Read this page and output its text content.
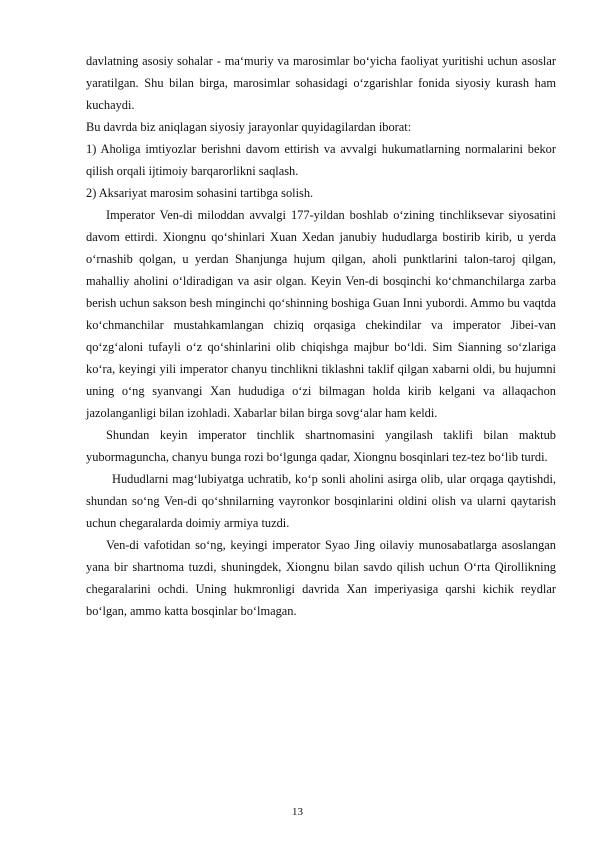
davlatning asosiy sohalar - maʻmuriy va marosimlar boʻyicha faoliyat yuritishi uchun asoslar yaratilgan. Shu bilan birga, marosimlar sohasidagi oʻzgarishlar fonida siyosiy kurash ham kuchaydi.

Bu davrda biz aniqlagan siyosiy jarayonlar quyidagilardan iborat:

1) Aholiga imtiyozlar berishni davom ettirish va avvalgi hukumatlarning normalarini bekor qilish orqali ijtimoiy barqarorlikni saqlash.

2) Aksariyat marosim sohasini tartibga solish.

Imperator Ven-di miloddan avvalgi 177-yildan boshlab oʻzining tinchliksevar siyosatini davom ettirdi. Xiongnu qoʻshinlari Xuan Xedan janubiy hududlarga bostirib kirib, u yerda oʻrnashib qolgan, u yerdan Shanjunga hujum qilgan, aholi punktlarini talon-taroj qilgan, mahalliy aholini oʻldiradigan va asir olgan. Keyin Ven-di bosqinchi koʻchmanchilarga zarba berish uchun sakson besh minginchi qoʻshinning boshiga Guan Inni yubordi. Ammo bu vaqtda koʻchmanchilar mustahkamlangan chiziq orqasiga chekindilar va imperator Jibei-van qoʻzgʻaloni tufayli oʻz qoʻshinlarini olib chiqishga majbur boʻldi. Sim Sianning soʻzlariga koʻra, keyingi yili imperator chanyu tinchlikni tiklashni taklif qilgan xabarni oldi, bu hujumni uning oʻng syanvangi Xan hududiga oʻzi bilmagan holda kirib kelgani va allaqachon jazolanganligi bilan izohladi. Xabarlar bilan birga sovgʻalar ham keldi.

Shundan keyin imperator tinchlik shartnomasini yangilash taklifi bilan maktub yubormaguncha, chanyu bunga rozi boʻlgunga qadar, Xiongnu bosqinlari tez-tez boʻlib turdi.

Hududlarni magʻlubiyatga uchratib, koʻp sonli aholini asirga olib, ular orqaga qaytishdi, shundan soʻng Ven-di qoʻshnilarning vayronkor bosqinlarini oldini olish va ularni qaytarish uchun chegaralarda doimiy armiya tuzdi.

Ven-di vafotidan soʻng, keyingi imperator Syao Jing oilaviy munosabatlarga asoslangan yana bir shartnoma tuzdi, shuningdek, Xiongnu bilan savdo qilish uchun Oʻrta Qirollikning chegaralarini ochdi. Uning hukmronligi davrida Xan imperiyasiga qarshi kichik reydlar boʻlgan, ammo katta bosqinlar boʻlmagan.

13
